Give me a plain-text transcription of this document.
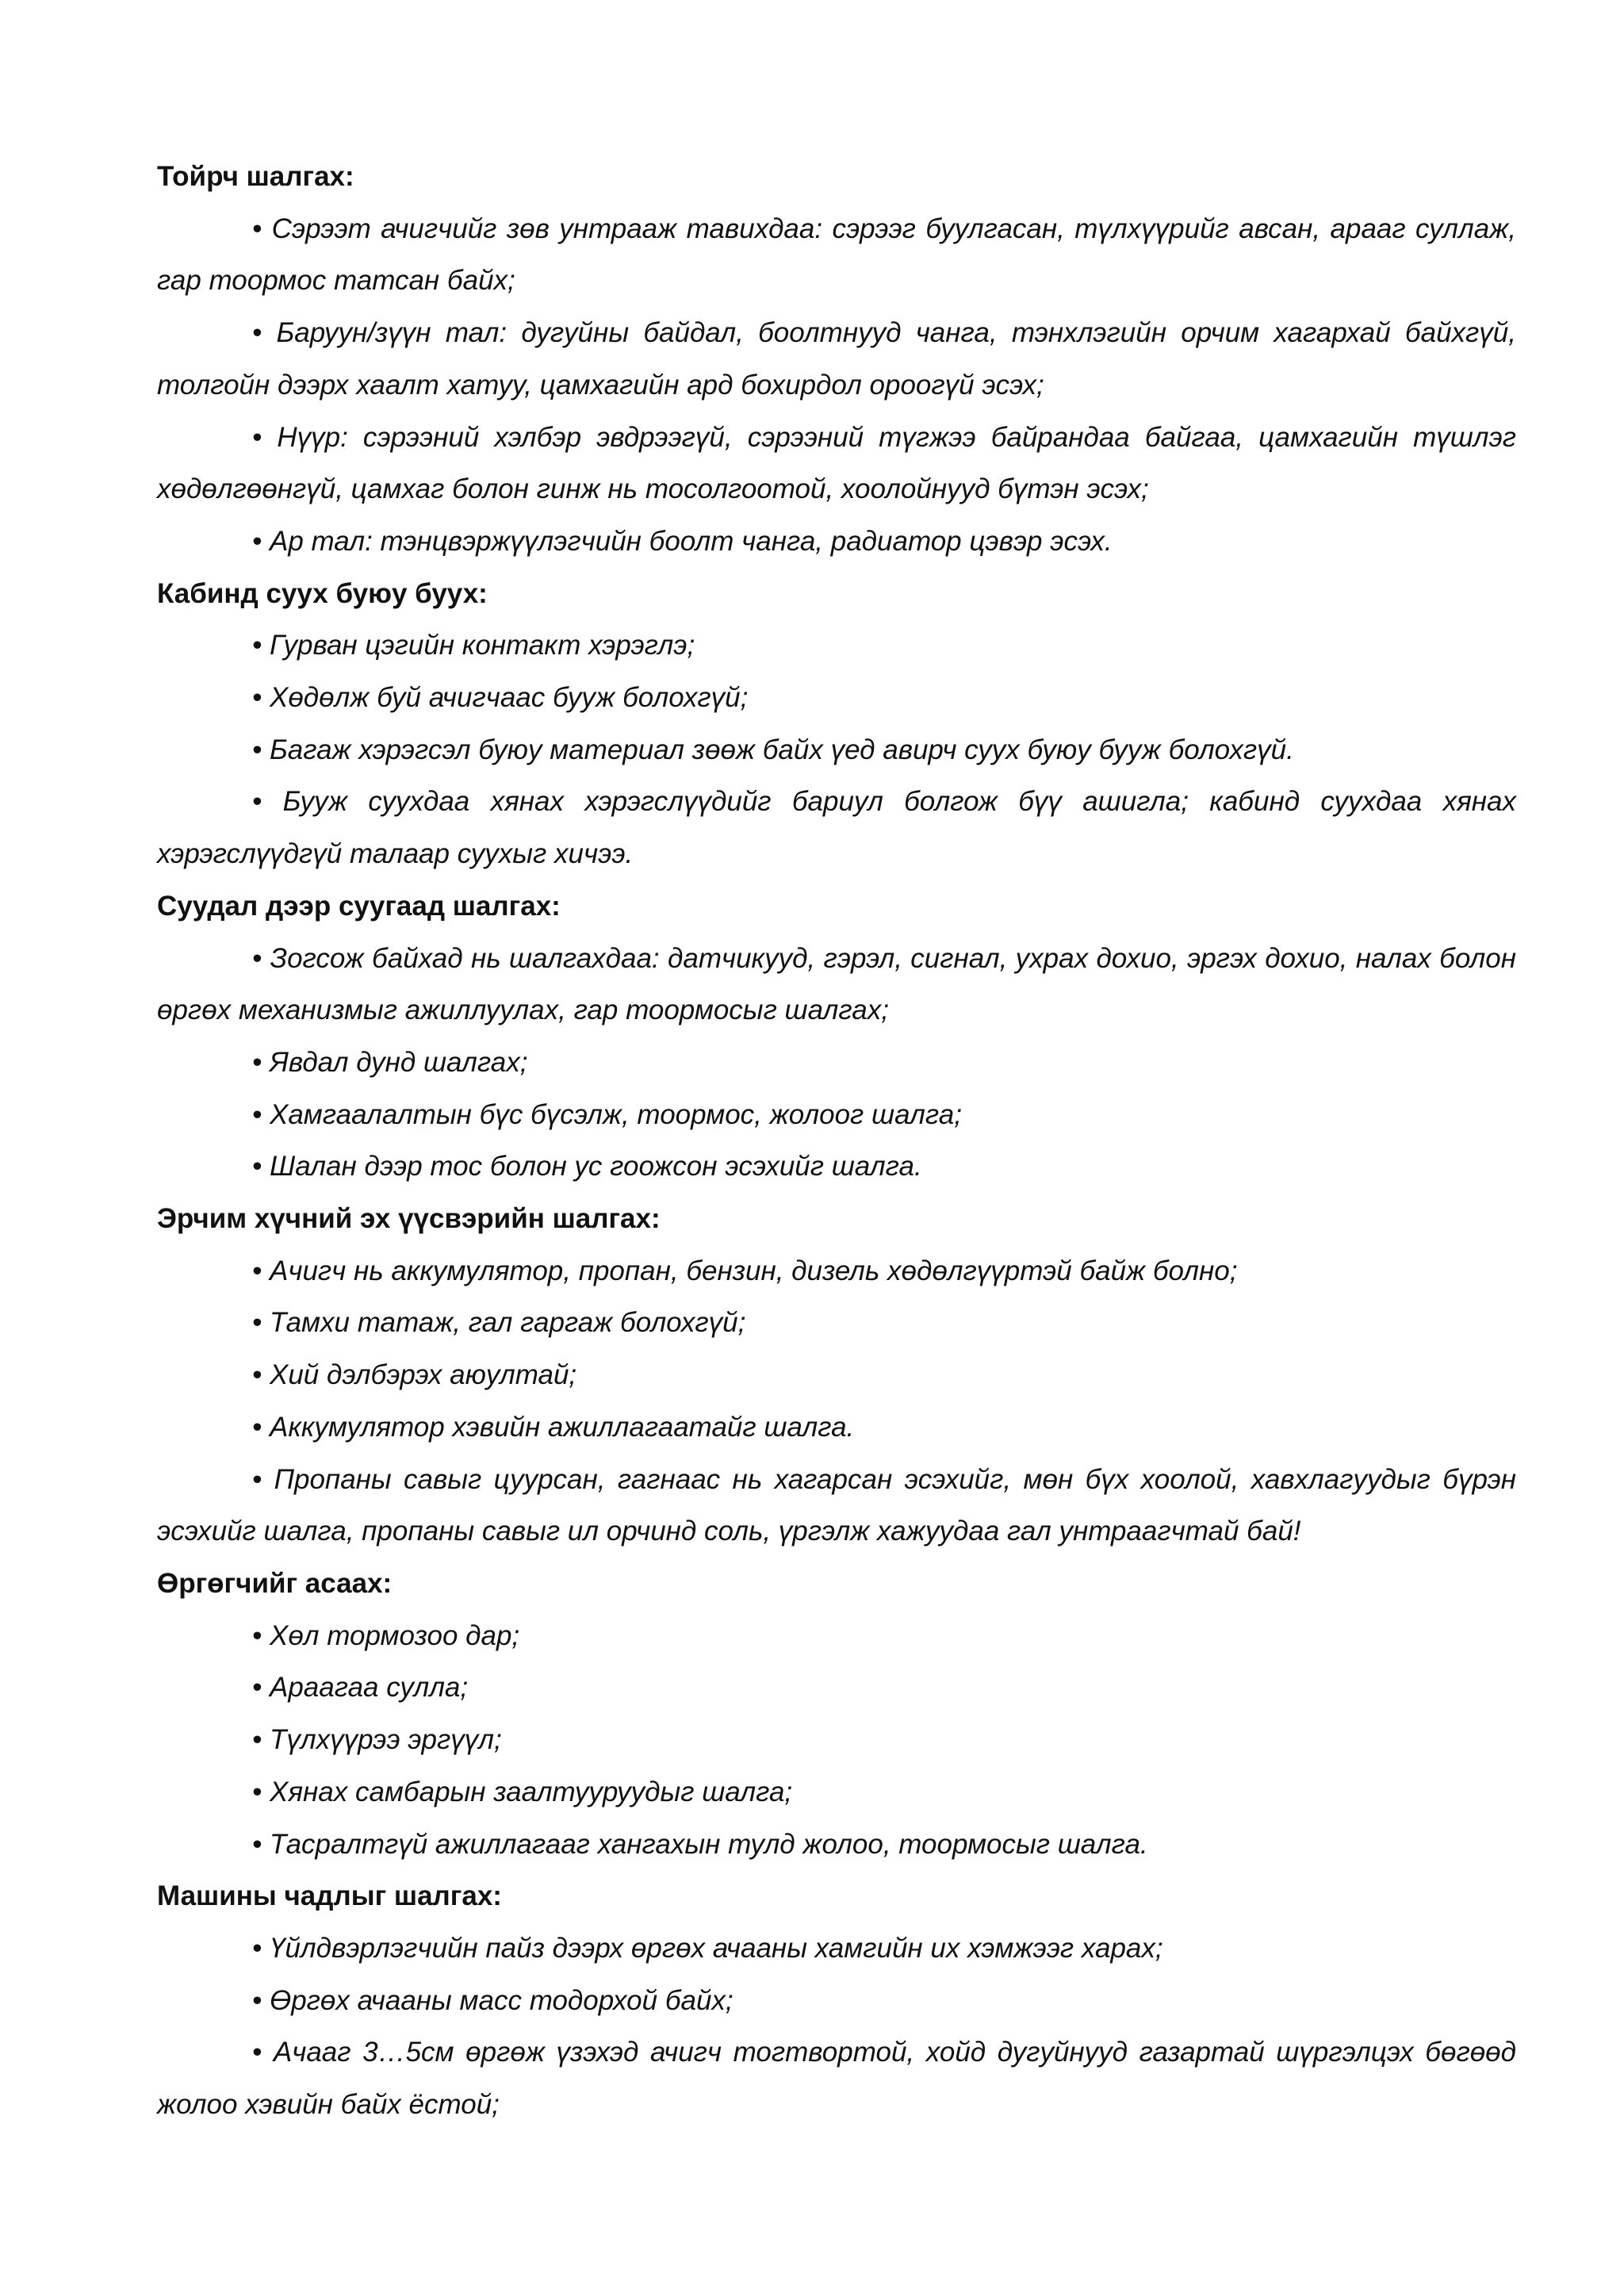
Тойрч шалгах:

• Сэрээт ачигчийг зөв унтрааж тавихдаа: сэрээг буулгасан, түлхүүрийг авсан, арааг суллаж, гар тоормос татсан байх;

• Баруун/зүүн тал: дугуйны байдал, боолтнууд чанга, тэнхлэгийн орчим хагархай байхгүй, толгойн дээрх хаалт хатуу, цамхагийн ард бохирдол ороогүй эсэх;

• Нүүр: сэрээний хэлбэр эвдрээгүй, сэрээний түгжээ байрандаа байгаа, цамхагийн түшлэг хөдөлгөөнгүй, цамхаг болон гинж нь тосолгоотой, хоолойнууд бүтэн эсэх;

• Ар тал: тэнцвэржүүлэгчийн боолт чанга, радиатор цэвэр эсэх.

Кабинд суух буюу буух:

• Гурван цэгийн контакт хэрэглэ;

• Хөдөлж буй ачигчаас бууж болохгүй;

• Багаж хэрэгсэл буюу материал зөөж байх үед авирч суух буюу бууж болохгүй.

• Бууж суухдаа хянах хэрэгслүүдийг бариул болгож бүү ашигла; кабинд суухдаа хянах хэрэгслүүдгүй талаар суухыг хичээ.

Суудал дээр суугаад шалгах:

• Зогсож байхад нь шалгахдаа: датчикууд, гэрэл, сигнал, ухрах дохио, эргэх дохио, налах болон өргөх механизмыг ажиллуулах, гар тоормосыг шалгах;

• Явдал дунд шалгах;

• Хамгаалалтын бүс бүсэлж, тоормос, жолоог шалга;

• Шалан дээр тос болон ус гоожсон эсэхийг шалга.

Эрчим хүчний эх үүсвэрийн шалгах:

• Ачигч нь аккумулятор, пропан, бензин, дизель хөдөлгүүртэй байж болно;

• Тамхи татаж, гал гаргаж болохгүй;

• Хий дэлбэрэх аюултай;

• Аккумулятор хэвийн ажиллагаатайг шалга.

• Пропаны савыг цуурсан, гагнаас нь хагарсан эсэхийг, мөн бүх хоолой, хавхлагуудыг бүрэн эсэхийг шалга, пропаны савыг ил орчинд соль, үргэлж хажуудаа гал унтраагчтай бай!

Өргөгчийг асаах:

• Хөл тормозоо дар;

• Араагаа сулла;

• Түлхүүрээ эргүүл;

• Хянах самбарын заалтууруудыг шалга;

• Тасралтгүй ажиллагааг хангахын тулд жолоо, тоормосыг шалга.

Машины чадлыг шалгах:

• Үйлдвэрлэгчийн пайз дээрх өргөх ачааны хамгийн их хэмжээг харах;

• Өргөх ачааны масс тодорхой байх;

• Ачааг 3…5см өргөж үзэхэд ачигч тогтвортой, хойд дугуйнууд газартай шүргэлцэх бөгөөд жолоо хэвийн байх ёстой;
